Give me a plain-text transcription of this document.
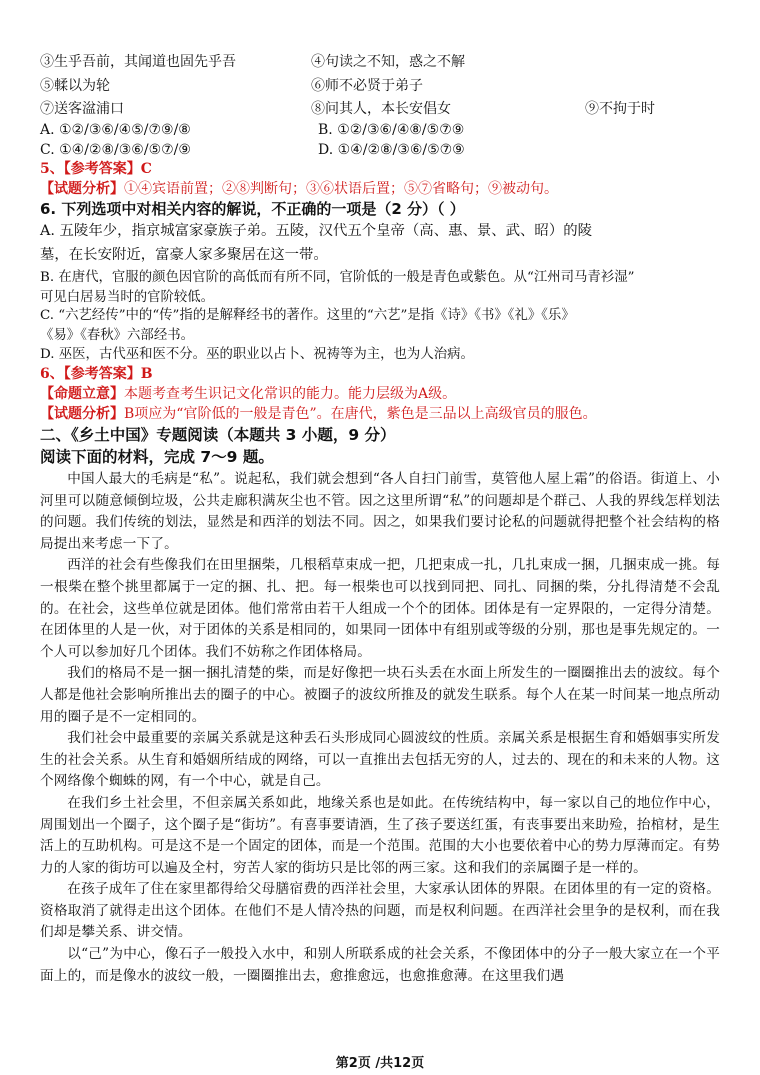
③生乎吾前，其闻道也固先乎吾	④句读之不知，惑之不解
⑤輮以为轮	⑥师不必贤于弟子
⑦送客湓浦口	⑧问其人，本长安倡女	⑨不拘于时
A. ①②/③⑥/④⑤/⑦⑨/⑧	B. ①②/③⑥/④⑧/⑤⑦⑨
C. ①④/②⑧/③⑥/⑤⑦/⑨	D. ①④/②⑧/③⑥/⑤⑦⑨
5、【参考答案】C
【试题分析】①④宾语前置；②⑧判断句；③⑥状语后置；⑤⑦省略句；⑨被动句。
6. 下列选项中对相关内容的解说，不正确的一项是（2 分）（ ）
A. 五陵年少，指京城富家豪族子弟。五陵，汉代五个皇帝（高、惠、景、武、昭）的陵
墓，在长安附近，富豪人家多聚居在这一带。
B. 在唐代，官服的颜色因官阶的高低而有所不同，官阶低的一般是青色或紫色。从“江州司马青衫湿”
可见白居易当时的官阶较低。
C. “六艺经传”中的“传”指的是解释经书的著作。这里的“六艺”是指《诗》《书》《礼》《乐》
《易》《春秋》六部经书。
D. 巫医，古代巫和医不分。巫的职业以占卜、祝祷等为主，也为人治病。
6、【参考答案】B
【命题立意】本题考查考生识记文化常识的能力。能力层级为A级。
【试题分析】B项应为“官阶低的一般是青色”。在唐代，紫色是三品以上高级官员的服色。
二、《乡土中国》专题阅读（本题共 3 小题，9 分）
阅读下面的材料，完成 7～9 题。

中国人最大的毛病是“私”。说起私，我们就会想到“各人自扫门前雪，莫管他人屋上霜”的俗语。街道上、小河里可以随意倾倒垃圾，公共走廊积满灰尘也不管。因之这里所谓“私”的问题却是个群己、人我的界线怎样划法的问题。我们传统的划法，显然是和西洋的划法不同。因之，如果我们要讨论私的问题就得把整个社会结构的格局提出来考虑一下了。

西洋的社会有些像我们在田里捆柴，几根稻草束成一把，几把束成一扎，几扎束成一捆，几捆束成一挑。每一根柴在整个挑里都属于一定的捆、扎、把。每一根柴也可以找到同把、同扎、同捆的柴，分扎得清楚不会乱的。在社会，这些单位就是团体。他们常常由若干人组成一个个的团体。团体是有一定界限的，一定得分清楚。在团体里的人是一伙，对于团体的关系是相同的，如果同一团体中有组别或等级的分别，那也是事先规定的。一个人可以参加好几个团体。我们不妨称之作团体格局。

我们的格局不是一捆一捆扎清楚的柴，而是好像把一块石头丢在水面上所发生的一圈圈推出去的波纹。每个人都是他社会影响所推出去的圈子的中心。被圈子的波纹所推及的就发生联系。每个人在某一时间某一地点所动用的圈子是不一定相同的。

我们社会中最重要的亲属关系就是这种丢石头形成同心圆波纹的性质。亲属关系是根据生育和婚姻事实所发生的社会关系。从生育和婚姻所结成的网络，可以一直推出去包括无穷的人，过去的、现在的和未来的人物。这个网络像个蜘蛛的网，有一个中心，就是自己。

在我们乡土社会里，不但亲属关系如此，地缘关系也是如此。在传统结构中，每一家以自己的地位作中心，周围划出一个圈子，这个圈子是“街坊”。有喜事要请酒，生了孩子要送红蛋，有丧事要出来助殓，抬棺材，是生活上的互助机构。可是这不是一个固定的团体，而是一个范围。范围的大小也要依着中心的势力厚薄而定。有势力的人家的街坊可以遍及全村，穷苦人家的街坊只是比邻的两三家。这和我们的亲属圈子是一样的。

在孩子成年了住在家里都得给父母膳宿费的西洋社会里，大家承认团体的界限。在团体里的有一定的资格。资格取消了就得走出这个团体。在他们不是人情冷热的问题，而是权利问题。在西洋社会里争的是权利，而在我们却是攀关系、讲交情。

以“己”为中心，像石子一般投入水中，和别人所联系成的社会关系，不像团体中的分子一般大家立在一个平面上的，而是像水的波纹一般，一圈圈推出去，愈推愈远，也愈推愈薄。在这里我们遇

第2页 /共12页
